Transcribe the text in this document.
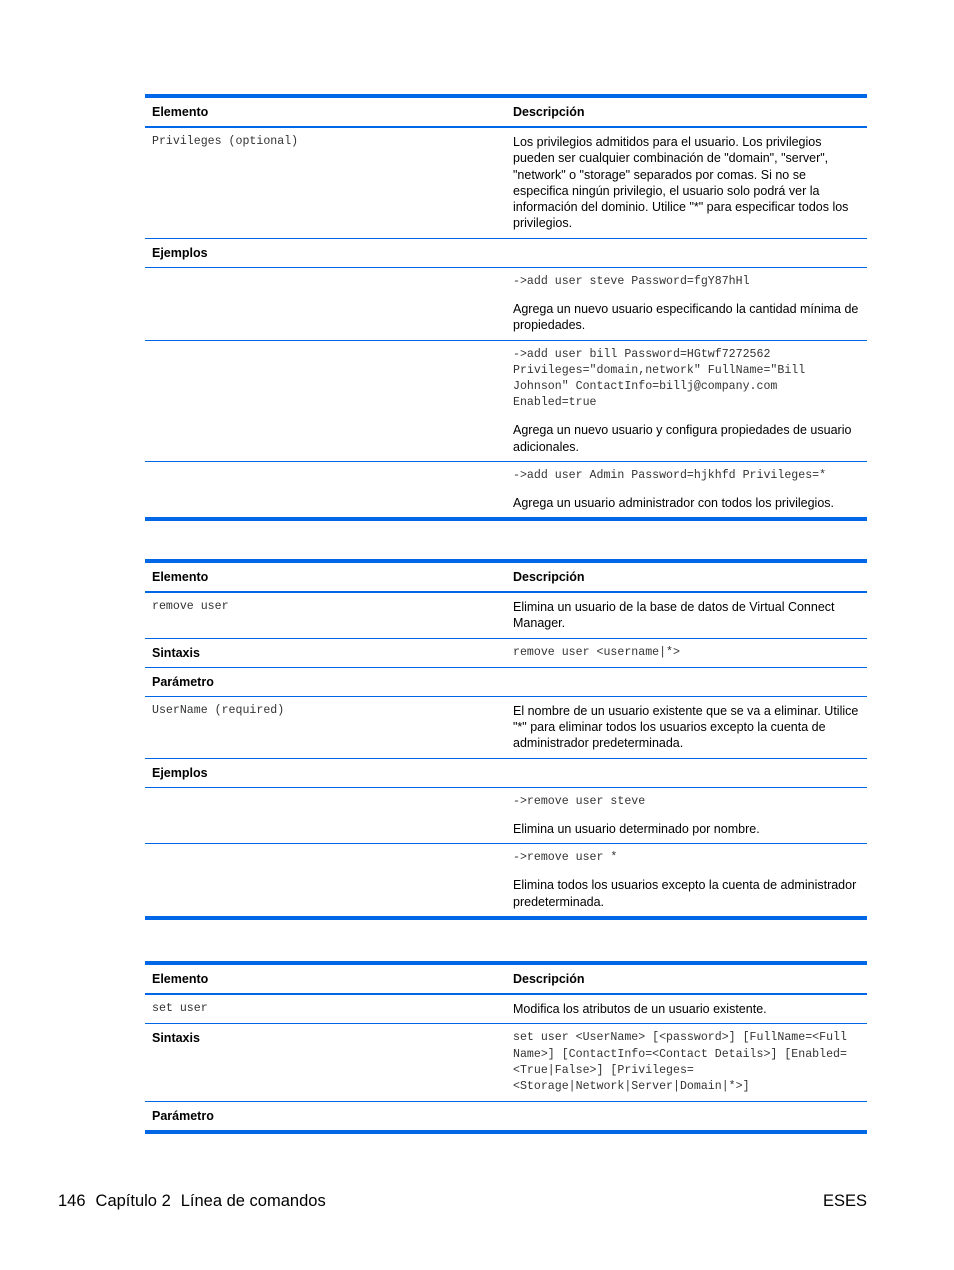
Elemento	Descripción
Privileges (optional)	Los privilegios admitidos para el usuario. Los privilegios pueden ser cualquier combinación de "domain", "server", "network" o "storage" separados por comas. Si no se especifica ningún privilegio, el usuario solo podrá ver la información del dominio. Utilice "*" para especificar todos los privilegios.
Ejemplos
->add user steve Password=fgY87hHl
Agrega un nuevo usuario especificando la cantidad mínima de propiedades.
->add user bill Password=HGtwf7272562 Privileges="domain,network" FullName="Bill Johnson" ContactInfo=billj@company.com Enabled=true
Agrega un nuevo usuario y configura propiedades de usuario adicionales.
->add user Admin Password=hjkhfd Privileges=*
Agrega un usuario administrador con todos los privilegios.
Elemento	Descripción
remove user	Elimina un usuario de la base de datos de Virtual Connect Manager.
Sintaxis	remove user <username|*>
Parámetro
UserName (required)	El nombre de un usuario existente que se va a eliminar. Utilice "*" para eliminar todos los usuarios excepto la cuenta de administrador predeterminada.
Ejemplos
->remove user steve
Elimina un usuario determinado por nombre.
->remove user *
Elimina todos los usuarios excepto la cuenta de administrador predeterminada.
Elemento	Descripción
set user	Modifica los atributos de un usuario existente.
Sintaxis	set user <UserName> [<password>] [FullName=<Full Name>] [ContactInfo=<Contact Details>] [Enabled=<True|False>] [Privileges=<Storage|Network|Server|Domain|*>]
Parámetro
146 Capítulo 2 Línea de comandos	ESES
